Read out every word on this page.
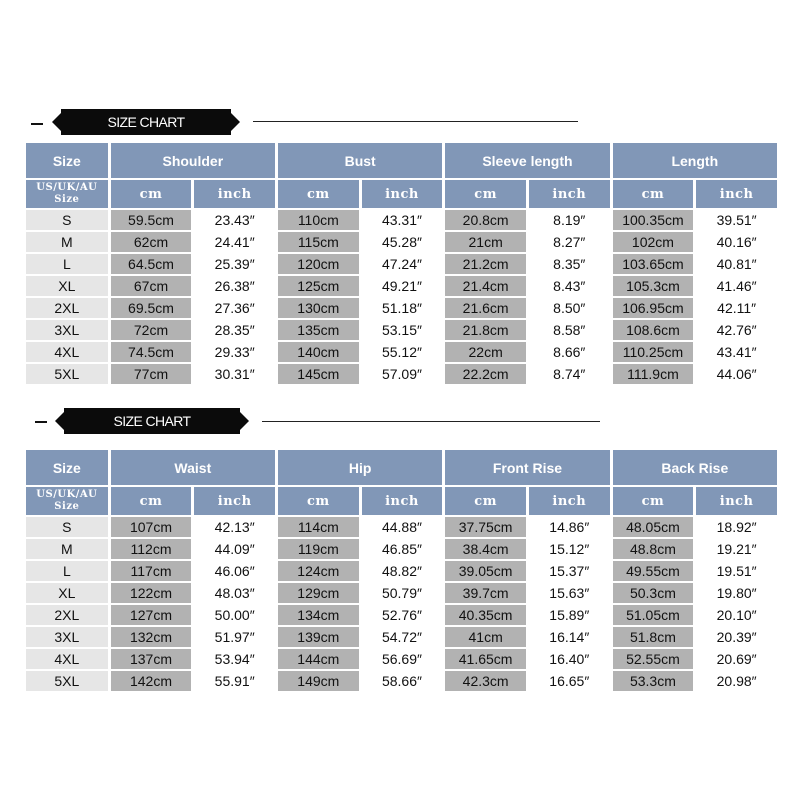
SIZE CHART
Size	Shoulder		Bust		Sleeve length		Length	

US/UK/AU
Size	cm	inch	cm	inch	cm	inch	cm	inch
S	59.5cm	23.43″	110cm	43.31″	20.8cm	8.19″	100.35cm	39.51″
M	62cm	24.41″	115cm	45.28″	21cm	8.27″	102cm	40.16″
L	64.5cm	25.39″	120cm	47.24″	21.2cm	8.35″	103.65cm	40.81″
XL	67cm	26.38″	125cm	49.21″	21.4cm	8.43″	105.3cm	41.46″
2XL	69.5cm	27.36″	130cm	51.18″	21.6cm	8.50″	106.95cm	42.11″
3XL	72cm	28.35″	135cm	53.15″	21.8cm	8.58″	108.6cm	42.76″
4XL	74.5cm	29.33″	140cm	55.12″	22cm	8.66″	110.25cm	43.41″
5XL	77cm	30.31″	145cm	57.09″	22.2cm	8.74″	111.9cm	44.06″
SIZE CHART
Size	Waist		Hip		Front Rise		Back Rise	

US/UK/AU
Size	cm	inch	cm	inch	cm	inch	cm	inch
S	107cm	42.13″	114cm	44.88″	37.75cm	14.86″	48.05cm	18.92″
M	112cm	44.09″	119cm	46.85″	38.4cm	15.12″	48.8cm	19.21″
L	117cm	46.06″	124cm	48.82″	39.05cm	15.37″	49.55cm	19.51″
XL	122cm	48.03″	129cm	50.79″	39.7cm	15.63″	50.3cm	19.80″
2XL	127cm	50.00″	134cm	52.76″	40.35cm	15.89″	51.05cm	20.10″
3XL	132cm	51.97″	139cm	54.72″	41cm	16.14″	51.8cm	20.39″
4XL	137cm	53.94″	144cm	56.69″	41.65cm	16.40″	52.55cm	20.69″
5XL	142cm	55.91″	149cm	58.66″	42.3cm	16.65″	53.3cm	20.98″
